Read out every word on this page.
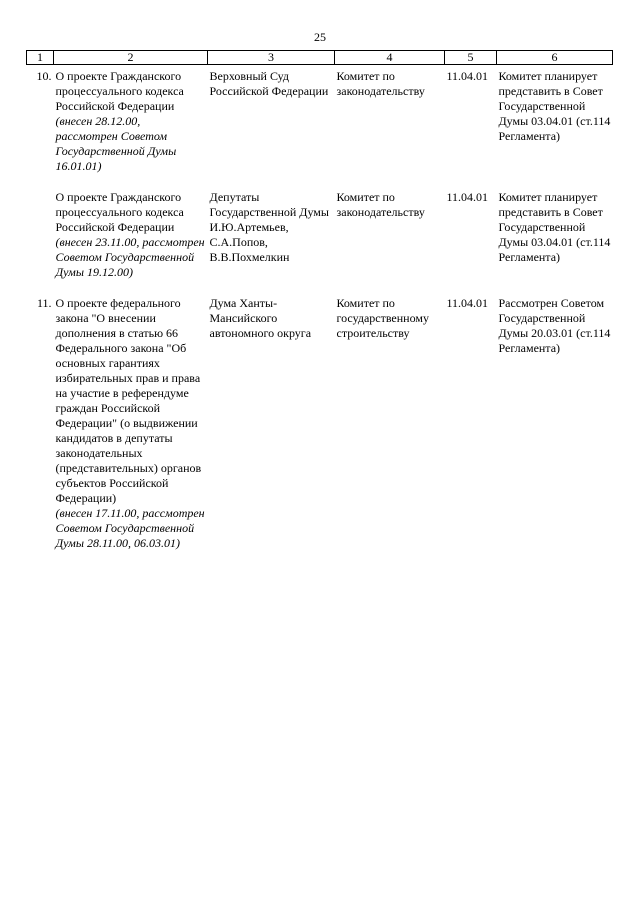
25
1	2	3	4	5	6

10.	О проекте Гражданского процессуального кодекса Российской Федерации
(внесен 28.12.00, рассмотрен Советом Государственной Думы 16.01.01)	Верховный Суд Российской Федерации	Комитет по законодательству	11.04.01	Комитет планирует представить в Совет Государственной Думы 03.04.01 (ст.114 Регламента)

	О проекте Гражданского процессуального кодекса Российской Федерации
(внесен 23.11.00, рассмотрен Советом Государственной Думы 19.12.00)	Депутаты Государственной Думы И.Ю.Артемьев, С.А.Попов, В.В.Похмелкин	Комитет по законодательству	11.04.01	Комитет планирует представить в Совет Государственной Думы 03.04.01 (ст.114 Регламента)

11.	О проекте федерального закона "О внесении дополнения в статью 66 Федерального закона "Об основных гарантиях избирательных прав и права на участие в референдуме граждан Российской Федерации" (о выдвижении кандидатов в депутаты законодательных (представительных) органов субъектов Российской Федерации)
(внесен 17.11.00, рассмотрен Советом Государственной Думы 28.11.00, 06.03.01)	Дума Ханты-Мансийского автономного округа	Комитет по государственному строительству	11.04.01	Рассмотрен Советом Государственной Думы 20.03.01 (ст.114 Регламента)
